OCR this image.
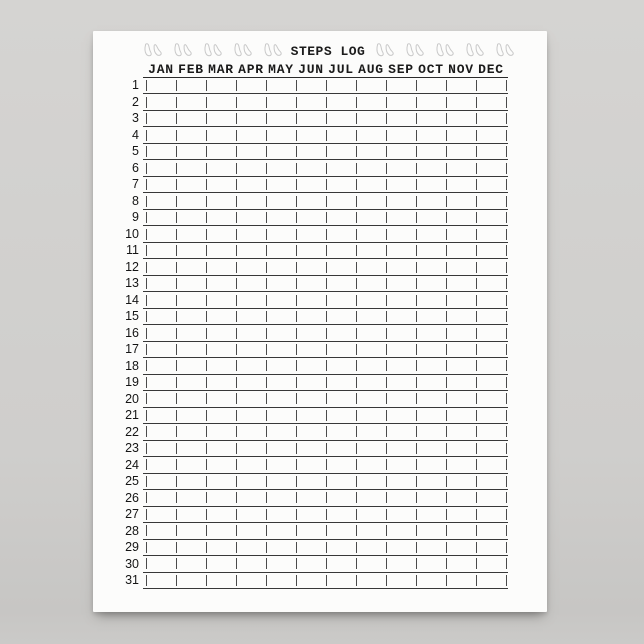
STEPS LOG
JAN FEB MAR APR MAY JUN JUL AUG SEP OCT NOV DEC
1
2
3
4
5
6
7
8
9
10
11
12
13
14
15
16
17
18
19
20
21
22
23
24
25
26
27
28
29
30
31
